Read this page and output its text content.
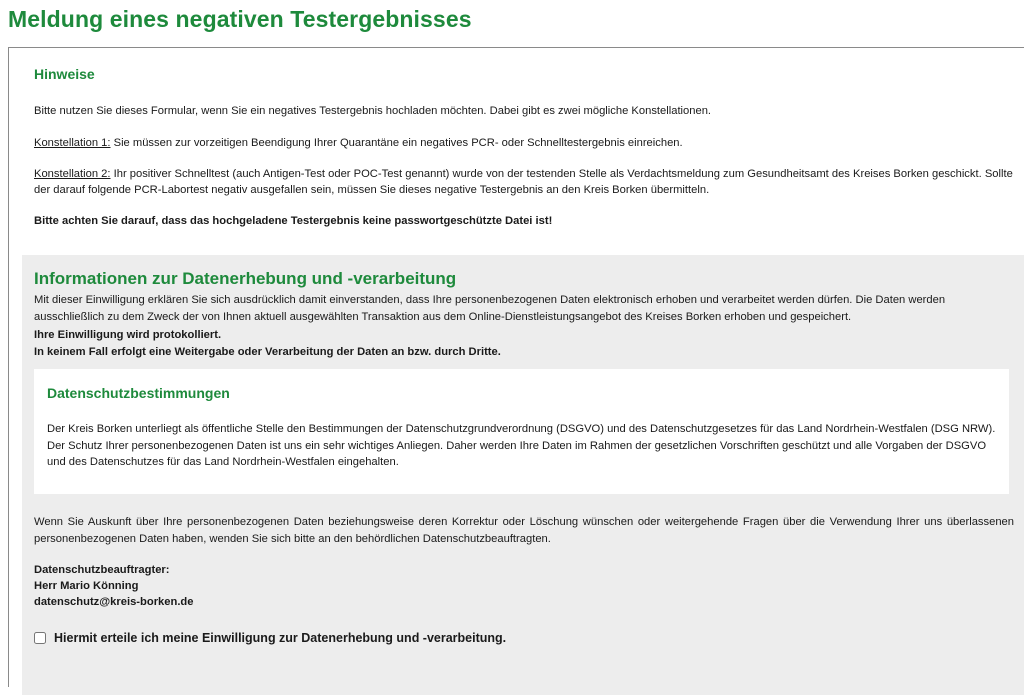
Meldung eines negativen Testergebnisses
Hinweise

Bitte nutzen Sie dieses Formular, wenn Sie ein negatives Testergebnis hochladen möchten. Dabei gibt es zwei mögliche Konstellationen.

Konstellation 1: Sie müssen zur vorzeitigen Beendigung Ihrer Quarantäne ein negatives PCR- oder Schnelltestergebnis einreichen.

Konstellation 2: Ihr positiver Schnelltest (auch Antigen-Test oder POC-Test genannt) wurde von der testenden Stelle als Verdachtsmeldung zum Gesundheitsamt des Kreises Borken geschickt. Sollte der darauf folgende PCR-Labortest negativ ausgefallen sein, müssen Sie dieses negative Testergebnis an den Kreis Borken übermitteln.

Bitte achten Sie darauf, dass das hochgeladene Testergebnis keine passwortgeschützte Datei ist!

Informationen zur Datenerhebung und -verarbeitung

Mit dieser Einwilligung erklären Sie sich ausdrücklich damit einverstanden, dass Ihre personenbezogenen Daten elektronisch erhoben und verarbeitet werden dürfen. Die Daten werden ausschließlich zu dem Zweck der von Ihnen aktuell ausgewählten Transaktion aus dem Online-Dienstleistungsangebot des Kreises Borken erhoben und gespeichert.

Ihre Einwilligung wird protokolliert.

In keinem Fall erfolgt eine Weitergabe oder Verarbeitung der Daten an bzw. durch Dritte.

Datenschutzbestimmungen

Der Kreis Borken unterliegt als öffentliche Stelle den Bestimmungen der Datenschutzgrundverordnung (DSGVO) und des Datenschutzgesetzes für das Land Nordrhein-Westfalen (DSG NRW). Der Schutz Ihrer personenbezogenen Daten ist uns ein sehr wichtiges Anliegen. Daher werden Ihre Daten im Rahmen der gesetzlichen Vorschriften geschützt und alle Vorgaben der DSGVO und des Datenschutzes für das Land Nordrhein-Westfalen eingehalten.

Wenn Sie Auskunft über Ihre personenbezogenen Daten beziehungsweise deren Korrektur oder Löschung wünschen oder weitergehende Fragen über die Verwendung Ihrer uns überlassenen personenbezogenen Daten haben, wenden Sie sich bitte an den behördlichen Datenschutzbeauftragten.

Datenschutzbeauftragter:

Herr Mario Könning

datenschutz@kreis-borken.de

Hiermit erteile ich meine Einwilligung zur Datenerhebung und -verarbeitung.
